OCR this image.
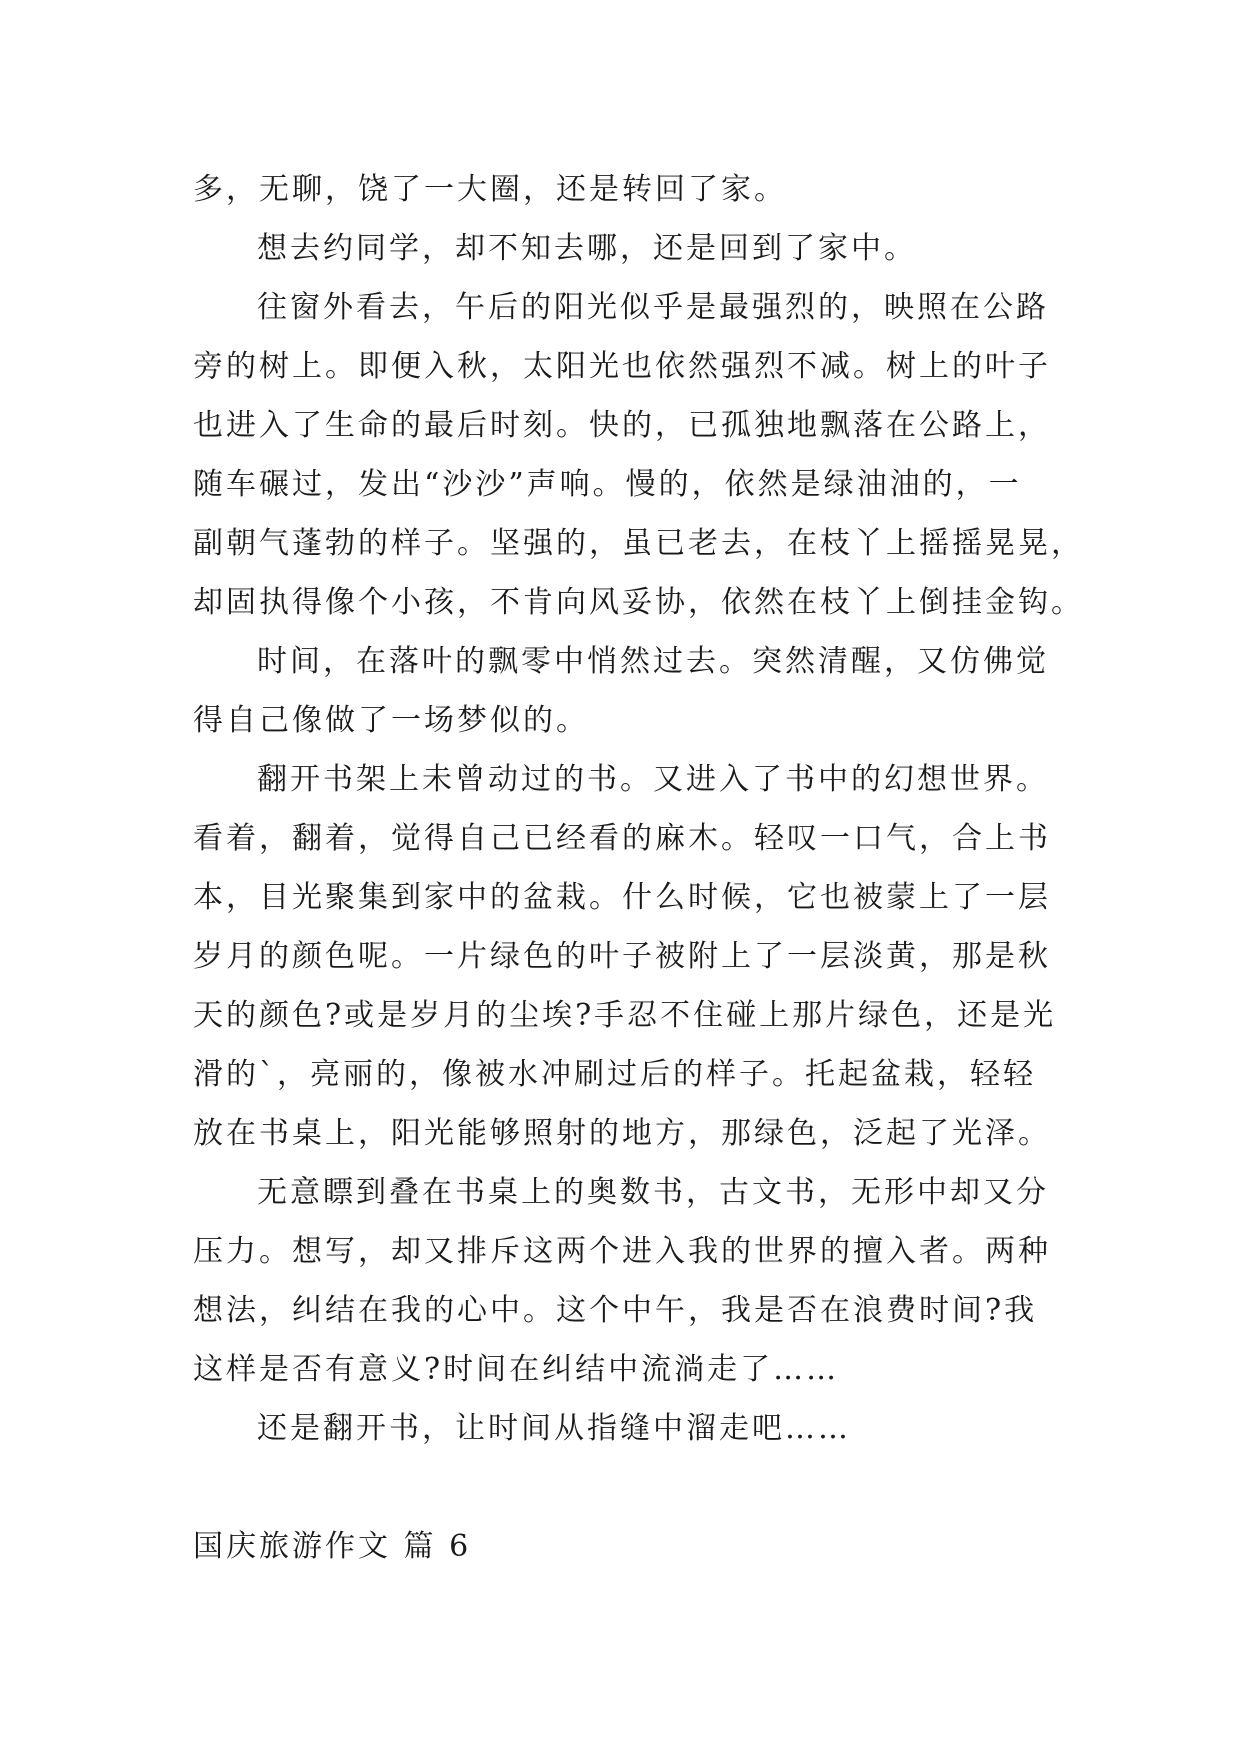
多，无聊，饶了一大圈，还是转回了家。
想去约同学，却不知去哪，还是回到了家中。
往窗外看去，午后的阳光似乎是最强烈的，映照在公路
旁的树上。即便入秋，太阳光也依然强烈不减。树上的叶子
也进入了生命的最后时刻。快的，已孤独地飘落在公路上，
随车碾过，发出“沙沙”声响。慢的，依然是绿油油的，一
副朝气蓬勃的样子。坚强的，虽已老去，在枝丫上摇摇晃晃，
却固执得像个小孩，不肯向风妥协，依然在枝丫上倒挂金钩。
时间，在落叶的飘零中悄然过去。突然清醒，又仿佛觉
得自己像做了一场梦似的。
翻开书架上未曾动过的书。又进入了书中的幻想世界。
看着，翻着，觉得自己已经看的麻木。轻叹一口气，合上书
本，目光聚集到家中的盆栽。什么时候，它也被蒙上了一层
岁月的颜色呢。一片绿色的叶子被附上了一层淡黄，那是秋
天的颜色?或是岁月的尘埃?手忍不住碰上那片绿色，还是光
滑的`，亮丽的，像被水冲刷过后的样子。托起盆栽，轻轻
放在书桌上，阳光能够照射的地方，那绿色，泛起了光泽。
无意瞟到叠在书桌上的奥数书，古文书，无形中却又分
压力。想写，却又排斥这两个进入我的世界的擅入者。两种
想法，纠结在我的心中。这个中午，我是否在浪费时间?我
这样是否有意义?时间在纠结中流淌走了……
还是翻开书，让时间从指缝中溜走吧……
国庆旅游作文 篇 6
